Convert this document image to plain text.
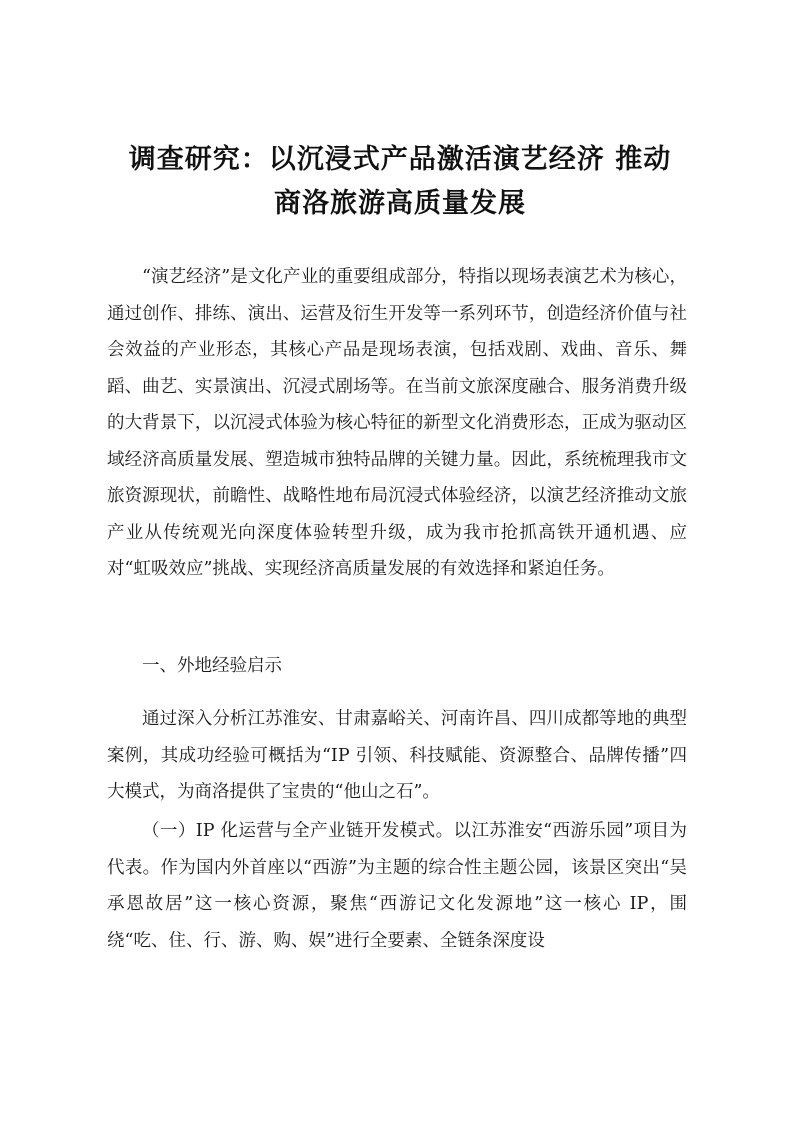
调查研究：以沉浸式产品激活演艺经济 推动
商洛旅游高质量发展

“演艺经济”是文化产业的重要组成部分，特指以现场表演艺术为核心，通过创作、排练、演出、运营及衍生开发等一系列环节，创造经济价值与社会效益的产业形态，其核心产品是现场表演，包括戏剧、戏曲、音乐、舞蹈、曲艺、实景演出、沉浸式剧场等。在当前文旅深度融合、服务消费升级的大背景下，以沉浸式体验为核心特征的新型文化消费形态，正成为驱动区域经济高质量发展、塑造城市独特品牌的关键力量。因此，系统梳理我市文旅资源现状，前瞻性、战略性地布局沉浸式体验经济，以演艺经济推动文旅产业从传统观光向深度体验转型升级，成为我市抢抓高铁开通机遇、应对“虹吸效应”挑战、实现经济高质量发展的有效选择和紧迫任务。

一、外地经验启示

通过深入分析江苏淮安、甘肃嘉峪关、河南许昌、四川成都等地的典型案例，其成功经验可概括为“IP 引领、科技赋能、资源整合、品牌传播”四大模式，为商洛提供了宝贵的“他山之石”。

（一）IP 化运营与全产业链开发模式。以江苏淮安“西游乐园”项目为代表。作为国内外首座以“西游”为主题的综合性主题公园，该景区突出“吴承恩故居”这一核心资源，聚焦“西游记文化发源地”这一核心 IP，围绕“吃、住、行、游、购、娱”进行全要素、全链条深度设
